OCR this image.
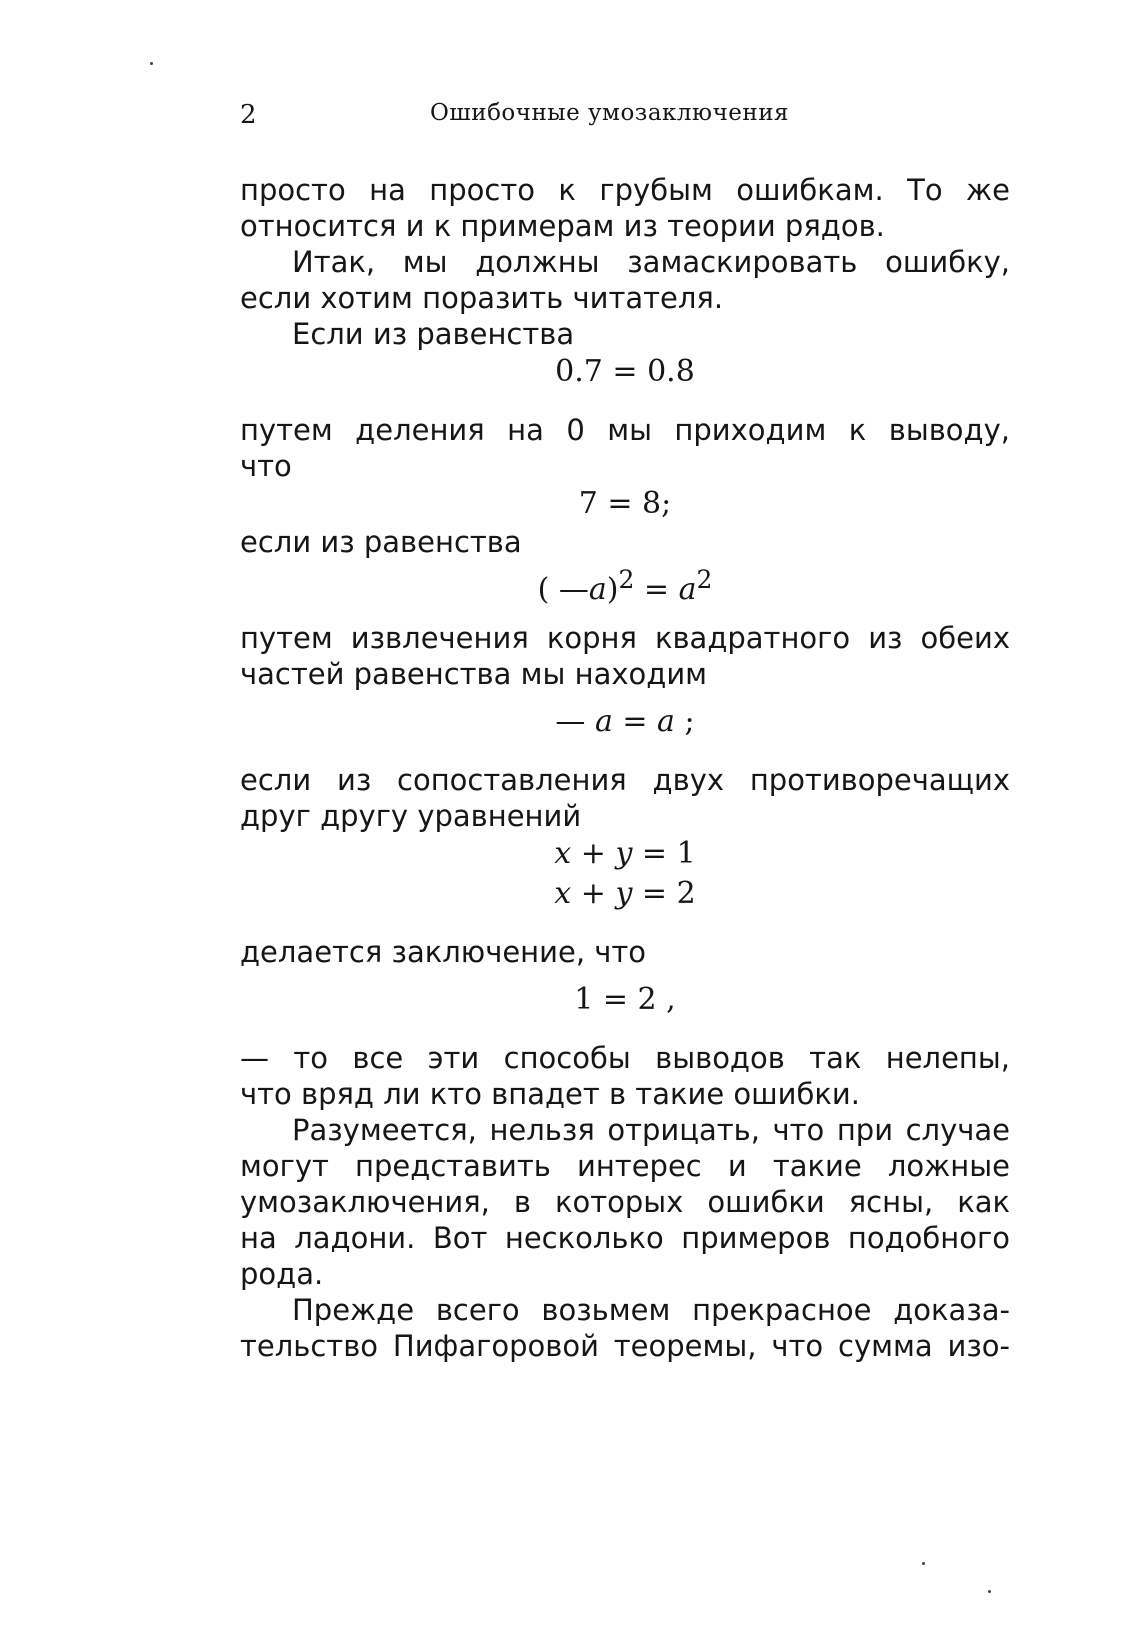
2	Ошибочные умозаключения
просто на просто к грубым ошибкам. То же
относится и к примерам из теории рядов.
Итак, мы должны замаскировать ошибку,
если хотим поразить читателя.
Если из равенства
0.7 = 0.8
путем деления на 0 мы приходим к выводу,
что
7 = 8;
если из равенства
( —a)$^2$ = $a^2$
путем извлечения корня квадратного из обеих
частей равенства мы находим
— a = a ;
если из сопоставления двух противоречащих
друг другу уравнений
x + y = 1
x + y = 2
делается заключение, что
1 = 2 ,
— то все эти способы выводов так нелепы,
что вряд ли кто впадет в такие ошибки.
Разумеется, нельзя отрицать, что при случае
могут представить интерес и такие ложные
умозаключения, в которых ошибки ясны, как
на ладони. Вот несколько примеров подобного
рода.
Прежде всего возьмем прекрасное доказа-
тельство Пифагоровой теоремы, что сумма изо-
